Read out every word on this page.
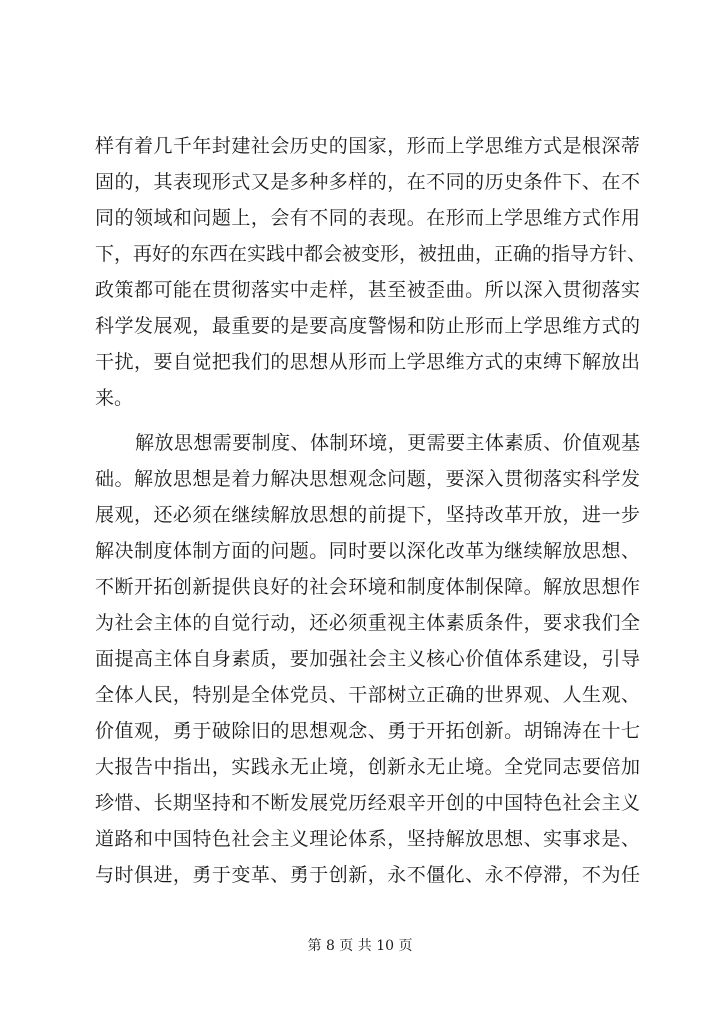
样有着几千年封建社会历史的国家，形而上学思维方式是根深蒂
固的，其表现形式又是多种多样的，在不同的历史条件下、在不
同的领域和问题上，会有不同的表现。在形而上学思维方式作用
下，再好的东西在实践中都会被变形，被扭曲，正确的指导方针、
政策都可能在贯彻落实中走样，甚至被歪曲。所以深入贯彻落实
科学发展观，最重要的是要高度警惕和防止形而上学思维方式的
干扰，要自觉把我们的思想从形而上学思维方式的束缚下解放出
来。
解放思想需要制度、体制环境，更需要主体素质、价值观基
础。解放思想是着力解决思想观念问题，要深入贯彻落实科学发
展观，还必须在继续解放思想的前提下，坚持改革开放，进一步
解决制度体制方面的问题。同时要以深化改革为继续解放思想、
不断开拓创新提供良好的社会环境和制度体制保障。解放思想作
为社会主体的自觉行动，还必须重视主体素质条件，要求我们全
面提高主体自身素质，要加强社会主义核心价值体系建设，引导
全体人民，特别是全体党员、干部树立正确的世界观、人生观、
价值观，勇于破除旧的思想观念、勇于开拓创新。胡锦涛在十七
大报告中指出，实践永无止境，创新永无止境。全党同志要倍加
珍惜、长期坚持和不断发展党历经艰辛开创的中国特色社会主义
道路和中国特色社会主义理论体系，坚持解放思想、实事求是、
与时俱进，勇于变革、勇于创新，永不僵化、永不停滞，不为任
第 8 页 共 10 页
